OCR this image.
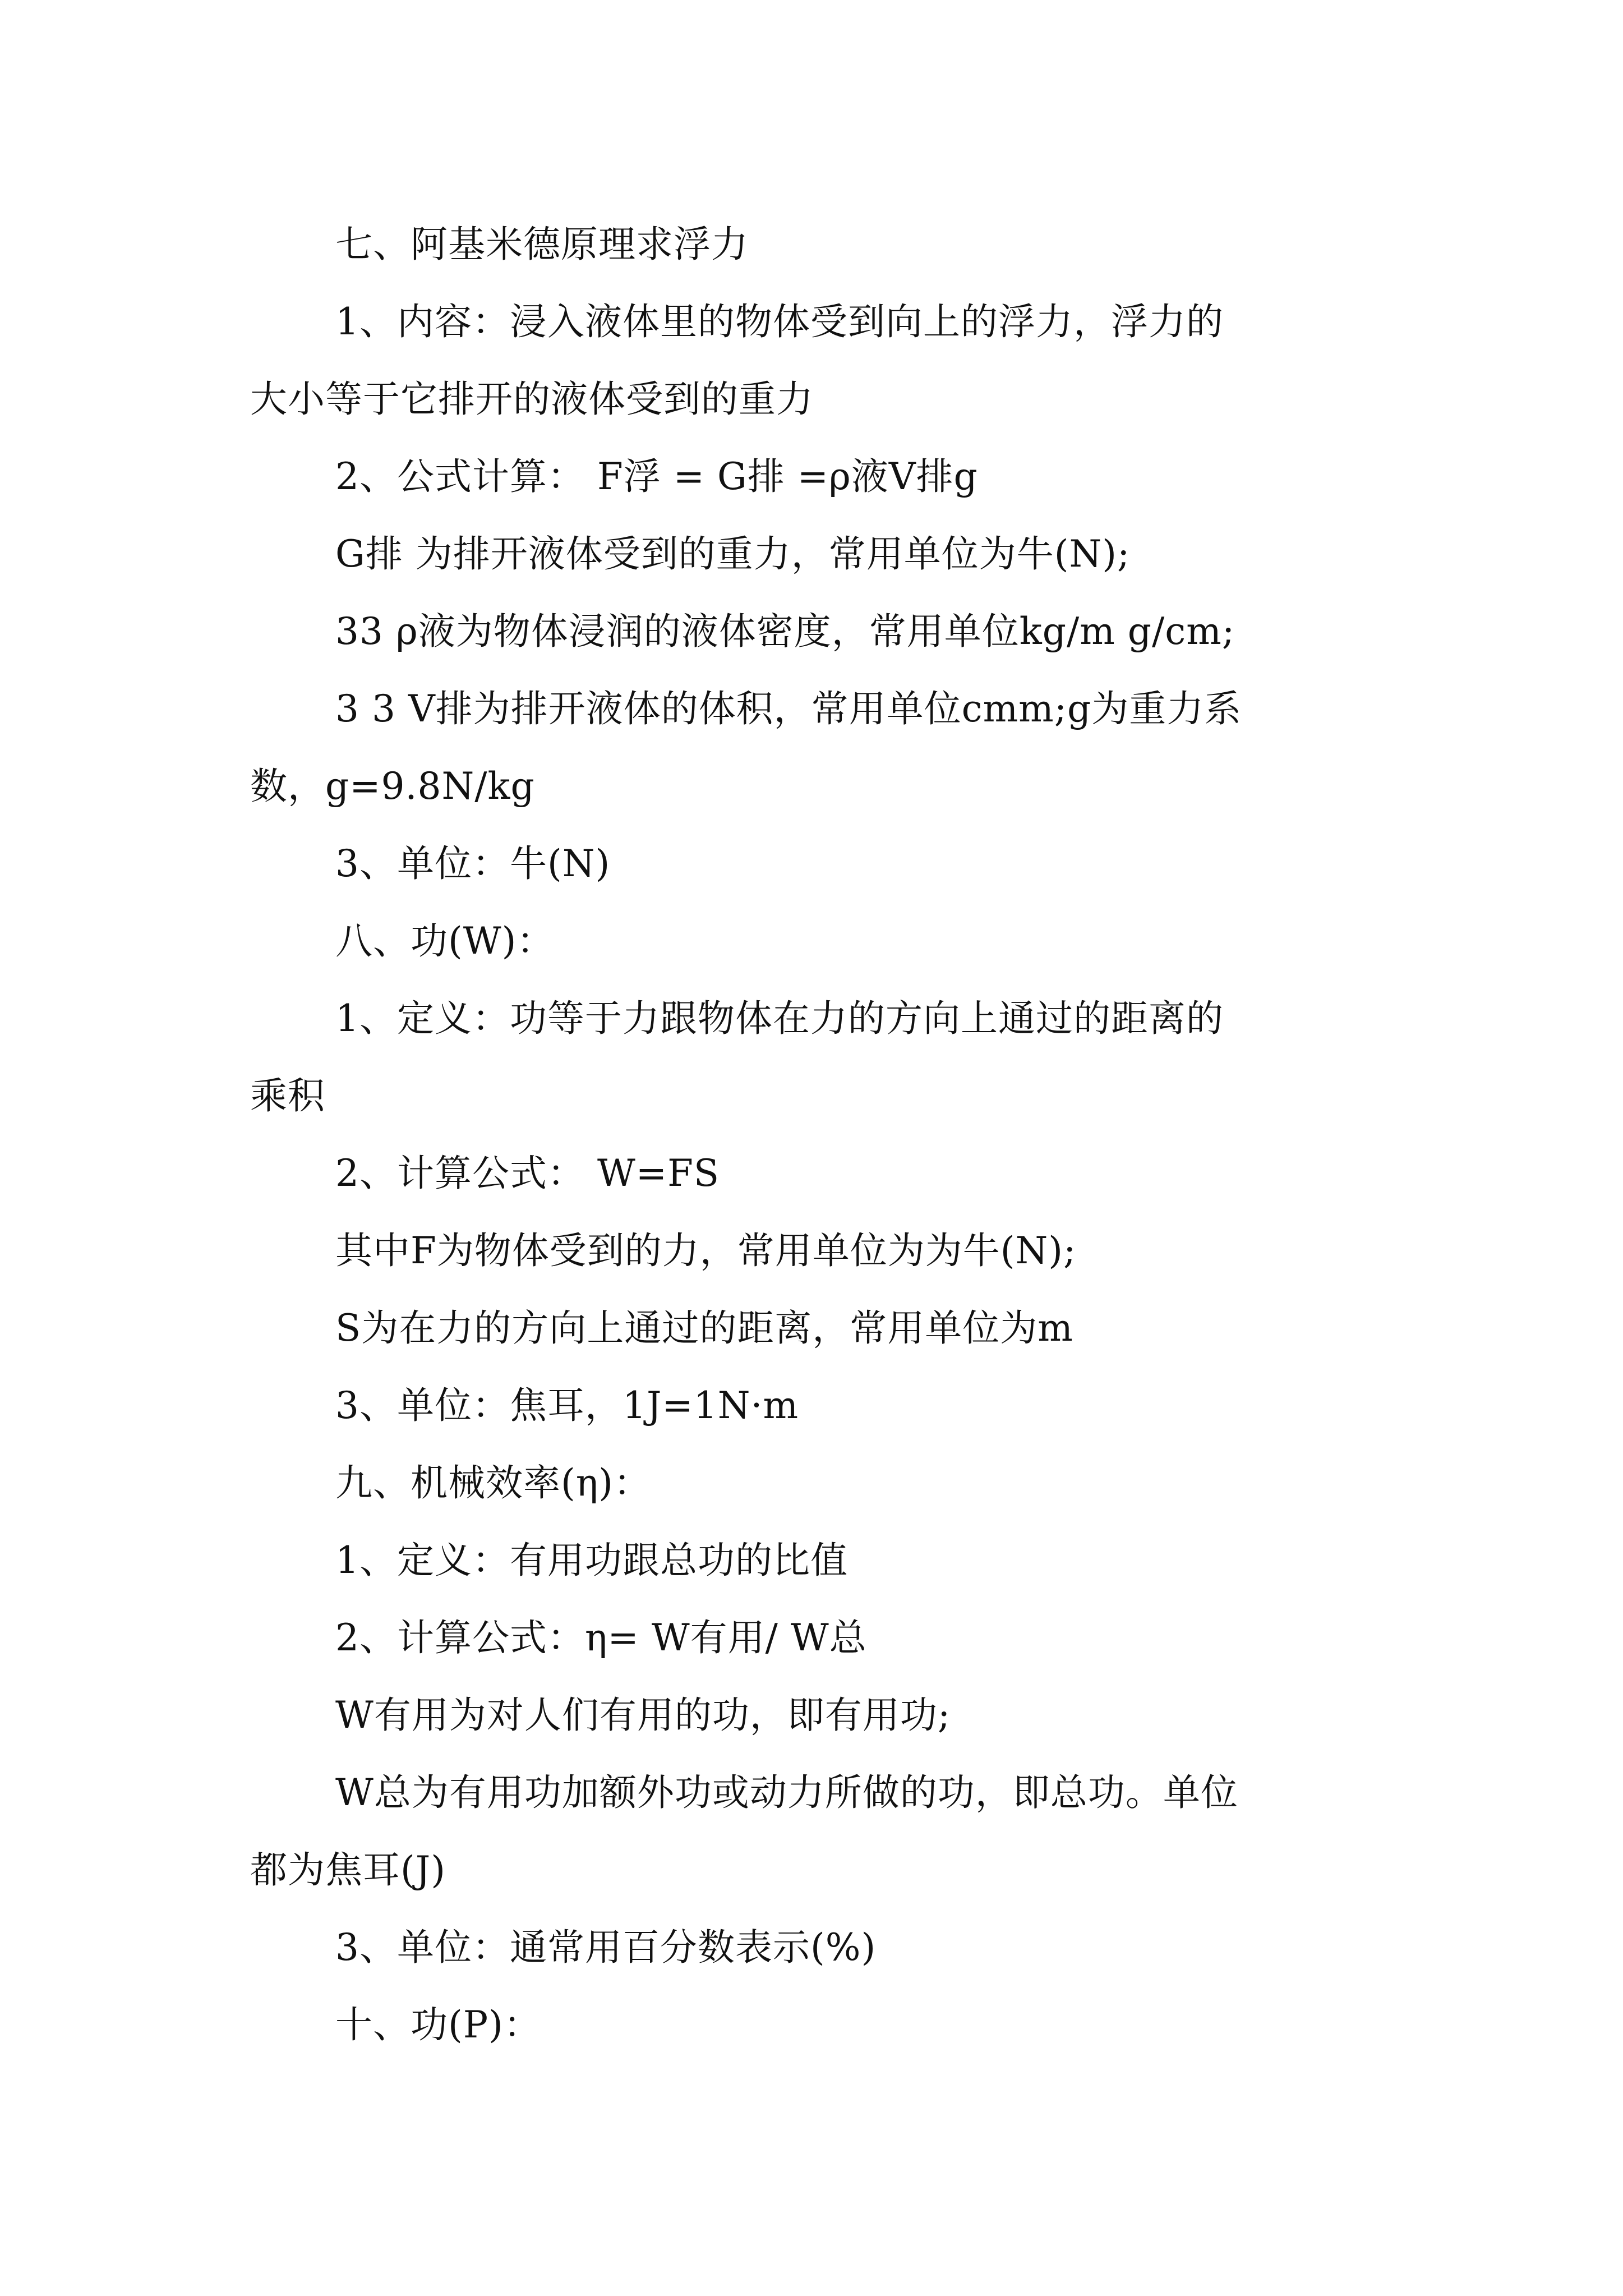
七、阿基米德原理求浮力
1、内容：浸入液体里的物体受到向上的浮力，浮力的
大小等于它排开的液体受到的重力
2、公式计算： F浮 = G排 =ρ液V排g
G排 为排开液体受到的重力，常用单位为牛(N);
33 ρ液为物体浸润的液体密度，常用单位kg/m g/cm;
3 3 V排为排开液体的体积，常用单位cmm;g为重力系
数，g=9.8N/kg
3、单位：牛(N)
八、功(W)：
1、定义：功等于力跟物体在力的方向上通过的距离的
乘积
2、计算公式： W=FS
其中F为物体受到的力，常用单位为为牛(N);
S为在力的方向上通过的距离，常用单位为m
3、单位：焦耳，1J=1N·m
九、机械效率(η)：
1、定义：有用功跟总功的比值
2、计算公式：η= W有用/ W总
W有用为对人们有用的功，即有用功;
W总为有用功加额外功或动力所做的功，即总功。单位
都为焦耳(J)
3、单位：通常用百分数表示(%)
十、功(P)：
